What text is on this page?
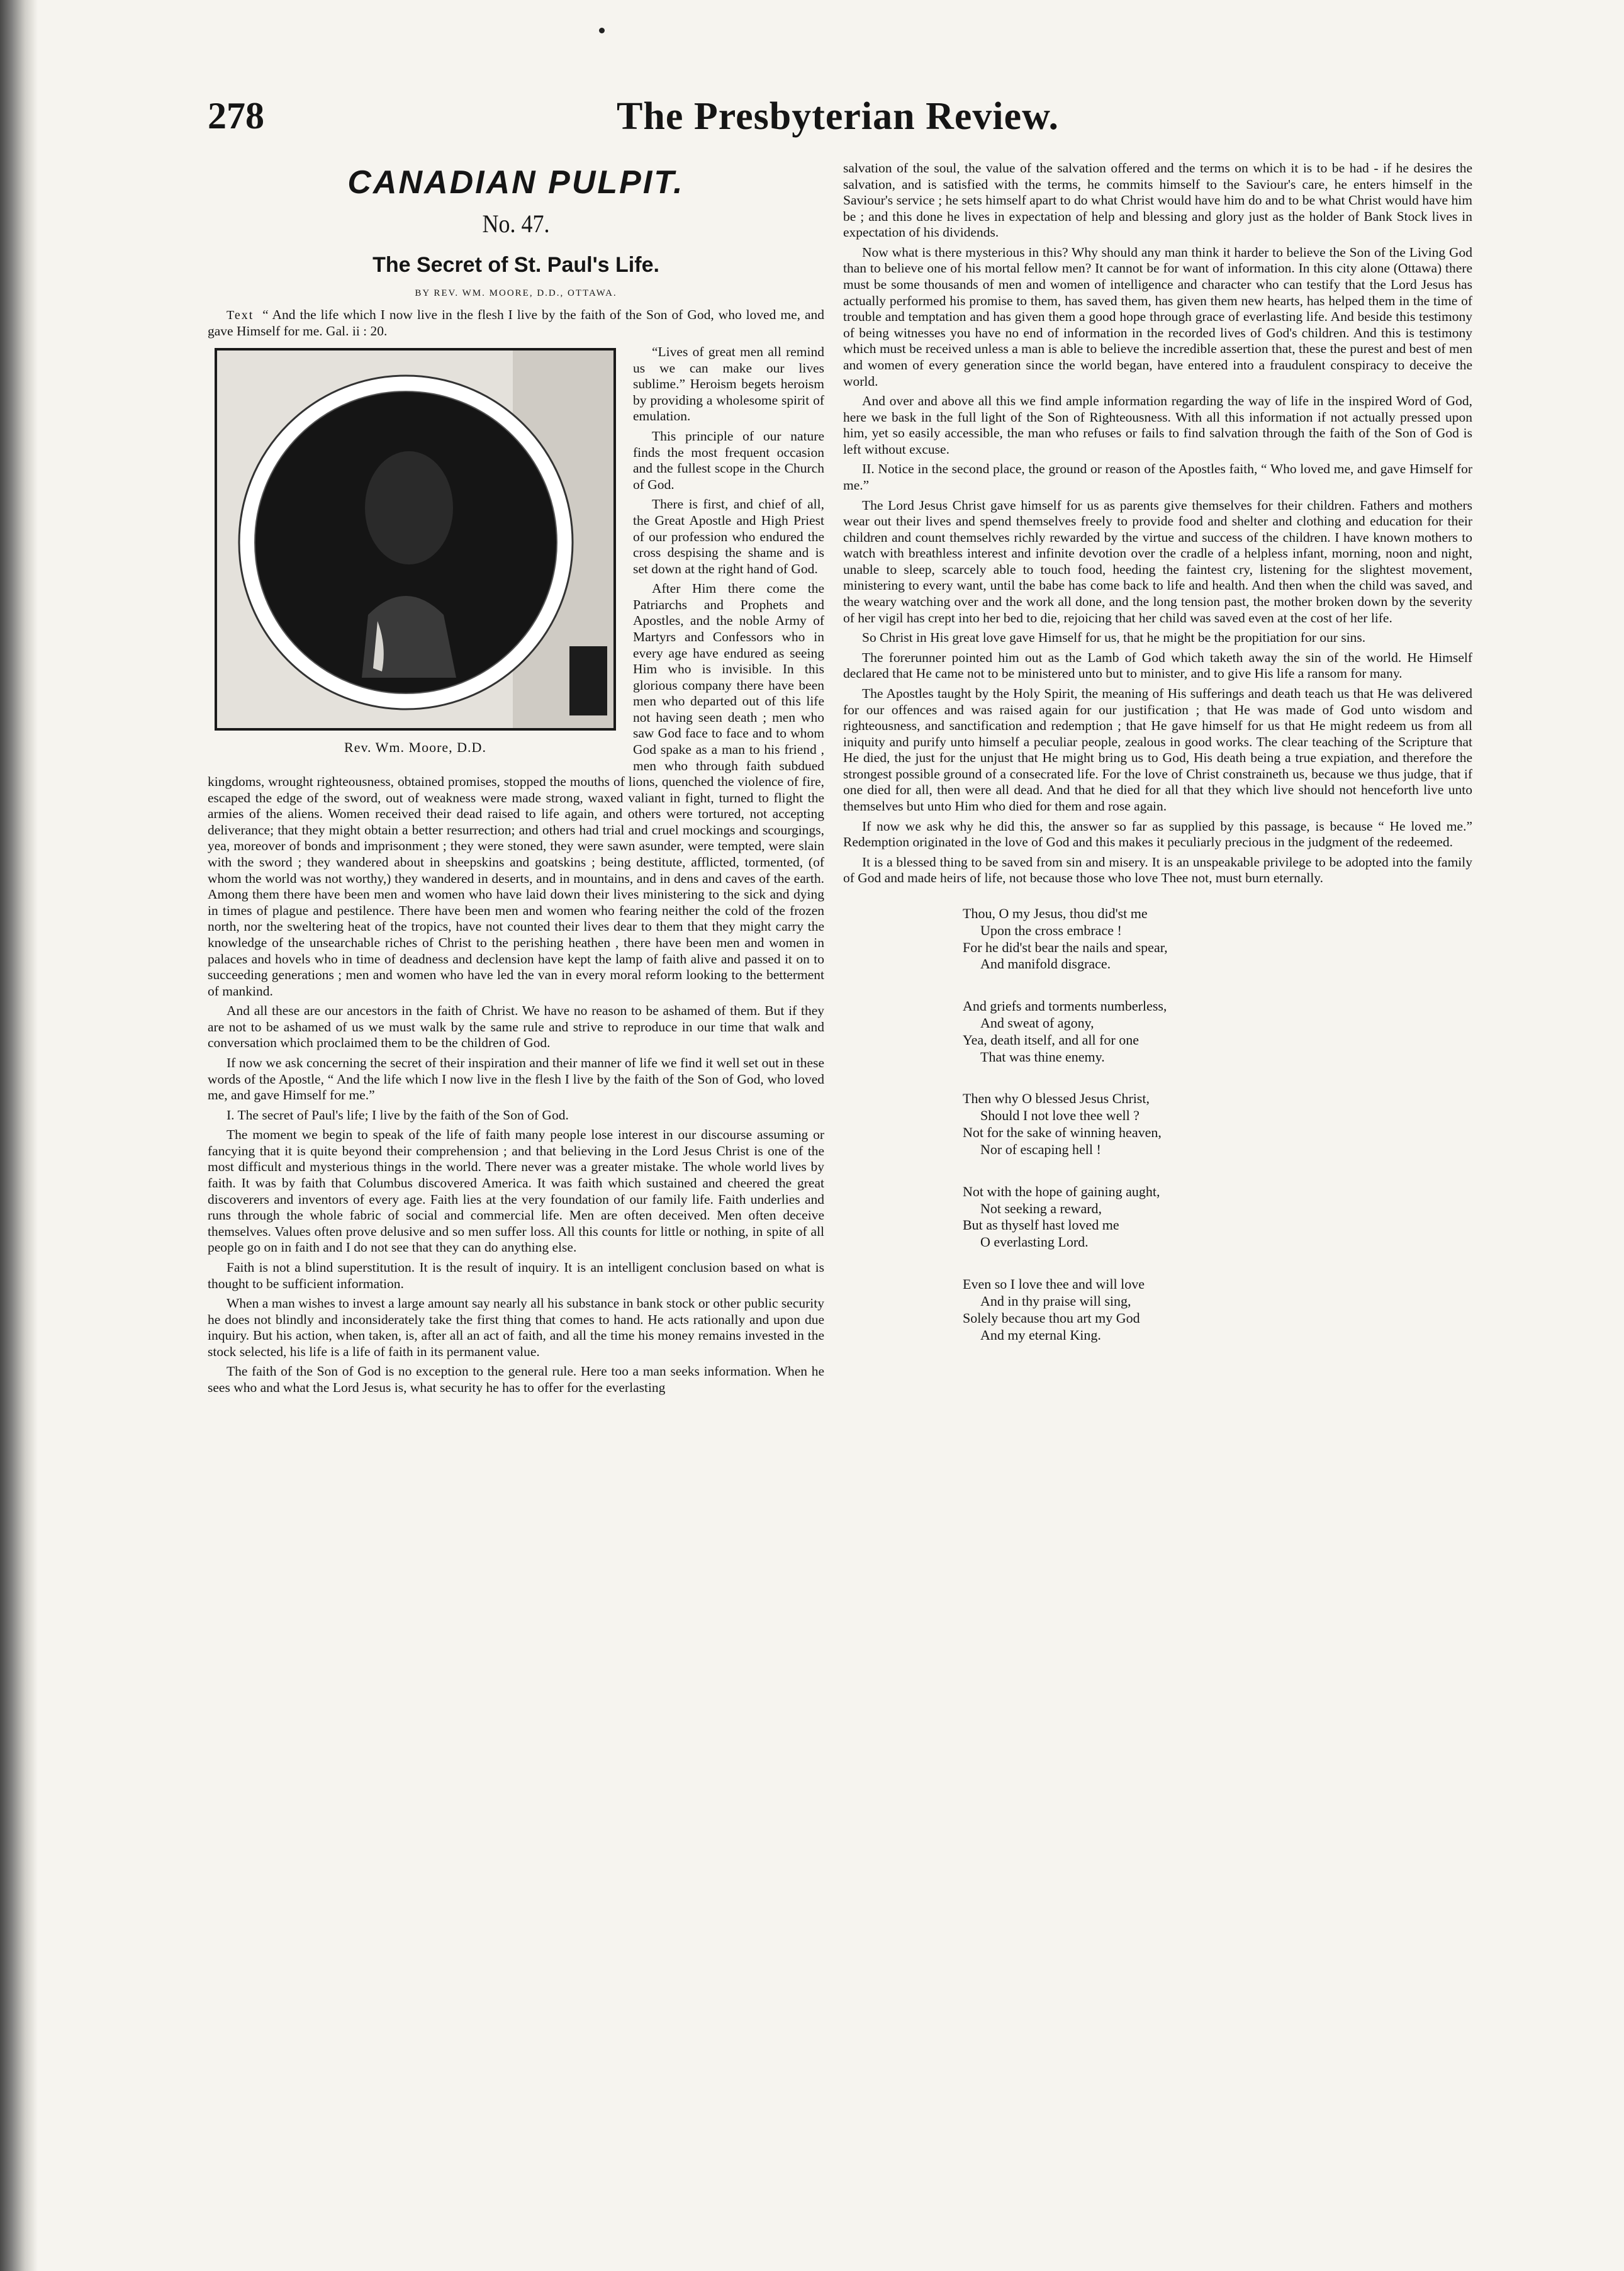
278	The Presbyterian Review.
CANADIAN PULPIT.
No. 47.
The Secret of St. Paul's Life.
BY REV. WM. MOORE, D.D., OTTAWA.
Text “ And the life which I now live in the flesh I live by the faith of the Son of God, who loved me, and gave Himself for me. Gal. ii : 20.
Rev. Wm. Moore, D.D.

“Lives of great men all remind us we can make our lives sublime.” Heroism begets heroism by providing a wholesome spirit of emulation.

This principle of our nature finds the most frequent occasion and the fullest scope in the Church of God.

There is first, and chief of all, the Great Apostle and High Priest of our profession who endured the cross despising the shame and is set down at the right hand of God.

After Him there come the Patriarchs and Prophets and Apostles, and the noble Army of Martyrs and Confessors who in every age have endured as seeing Him who is invisible. In this glorious company there have been men who departed out of this life not having seen death ; men who saw God face to face and to whom God spake as a man to his friend , men who through faith subdued kingdoms, wrought righteousness, obtained promises, stopped the mouths of lions, quenched the violence of fire, escaped the edge of the sword, out of weakness were made strong, waxed valiant in fight, turned to flight the armies of the aliens. Women received their dead raised to life again, and others were tortured, not accepting deliverance; that they might obtain a better resurrection; and others had trial and cruel mockings and scourgings, yea, moreover of bonds and imprisonment ; they were stoned, they were sawn asunder, were tempted, were slain with the sword ; they wandered about in sheepskins and goatskins ; being destitute, afflicted, tormented, (of whom the world was not worthy,) they wandered in deserts, and in mountains, and in dens and caves of the earth. Among them there have been men and women who have laid down their lives ministering to the sick and dying in times of plague and pestilence. There have been men and women who fearing neither the cold of the frozen north, nor the sweltering heat of the tropics, have not counted their lives dear to them that they might carry the knowledge of the unsearchable riches of Christ to the perishing heathen , there have been men and women in palaces and hovels who in time of deadness and declension have kept the lamp of faith alive and passed it on to succeeding generations ; men and women who have led the van in every moral reform looking to the betterment of mankind.

And all these are our ancestors in the faith of Christ. We have no reason to be ashamed of them. But if they are not to be ashamed of us we must walk by the same rule and strive to reproduce in our time that walk and conversation which proclaimed them to be the children of God.

If now we ask concerning the secret of their inspiration and their manner of life we find it well set out in these words of the Apostle, “ And the life which I now live in the flesh I live by the faith of the Son of God, who loved me, and gave Himself for me.”

I. The secret of Paul's life; I live by the faith of the Son of God.

The moment we begin to speak of the life of faith many people lose interest in our discourse assuming or fancying that it is quite beyond their comprehension ; and that believing in the Lord Jesus Christ is one of the most difficult and mysterious things in the world. There never was a greater mistake. The whole world lives by faith. It was by faith that Columbus discovered America. It was faith which sustained and cheered the great discoverers and inventors of every age. Faith lies at the very foundation of our family life. Faith underlies and runs through the whole fabric of social and commercial life. Men are often deceived. Men often deceive themselves. Values often prove delusive and so men suffer loss. All this counts for little or nothing, in spite of all people go on in faith and I do not see that they can do anything else.

Faith is not a blind superstitution. It is the result of inquiry. It is an intelligent conclusion based on what is thought to be sufficient information.

When a man wishes to invest a large amount say nearly all his substance in bank stock or other public security he does not blindly and inconsiderately take the first thing that comes to hand. He acts rationally and upon due inquiry. But his action, when taken, is, after all an act of faith, and all the time his money remains invested in the stock selected, his life is a life of faith in its permanent value.

The faith of the Son of God is no exception to the general rule. Here too a man seeks information. When he sees who and what the Lord Jesus is, what security he has to offer for the everlasting

salvation of the soul, the value of the salvation offered and the terms on which it is to be had - if he desires the salvation, and is satisfied with the terms, he commits himself to the Saviour's care, he enters himself in the Saviour's service ; he sets himself apart to do what Christ would have him do and to be what Christ would have him be ; and this done he lives in expectation of help and blessing and glory just as the holder of Bank Stock lives in expectation of his dividends.

Now what is there mysterious in this? Why should any man think it harder to believe the Son of the Living God than to believe one of his mortal fellow men? It cannot be for want of information. In this city alone (Ottawa) there must be some thousands of men and women of intelligence and character who can testify that the Lord Jesus has actually performed his promise to them, has saved them, has given them new hearts, has helped them in the time of trouble and temptation and has given them a good hope through grace of everlasting life. And beside this testimony of being witnesses you have no end of information in the recorded lives of God's children. And this is testimony which must be received unless a man is able to believe the incredible assertion that, these the purest and best of men and women of every generation since the world began, have entered into a fraudulent conspiracy to deceive the world.

And over and above all this we find ample information regarding the way of life in the inspired Word of God, here we bask in the full light of the Son of Righteousness. With all this information if not actually pressed upon him, yet so easily accessible, the man who refuses or fails to find salvation through the faith of the Son of God is left without excuse.

II. Notice in the second place, the ground or reason of the Apostles faith, “ Who loved me, and gave Himself for me.”

The Lord Jesus Christ gave himself for us as parents give themselves for their children. Fathers and mothers wear out their lives and spend themselves freely to provide food and shelter and clothing and education for their children and count themselves richly rewarded by the virtue and success of the children. I have known mothers to watch with breathless interest and infinite devotion over the cradle of a helpless infant, morning, noon and night, unable to sleep, scarcely able to touch food, heeding the faintest cry, listening for the slightest movement, ministering to every want, until the babe has come back to life and health. And then when the child was saved, and the weary watching over and the work all done, and the long tension past, the mother broken down by the severity of her vigil has crept into her bed to die, rejoicing that her child was saved even at the cost of her life.

So Christ in His great love gave Himself for us, that he might be the propitiation for our sins.

The forerunner pointed him out as the Lamb of God which taketh away the sin of the world. He Himself declared that He came not to be ministered unto but to minister, and to give His life a ransom for many.

The Apostles taught by the Holy Spirit, the meaning of His sufferings and death teach us that He was delivered for our offences and was raised again for our justification ; that He was made of God unto wisdom and righteousness, and sanctification and redemption ; that He gave himself for us that He might redeem us from all iniquity and purify unto himself a peculiar people, zealous in good works. The clear teaching of the Scripture that He died, the just for the unjust that He might bring us to God, His death being a true expiation, and therefore the strongest possible ground of a consecrated life. For the love of Christ constraineth us, because we thus judge, that if one died for all, then were all dead. And that he died for all that they which live should not henceforth live unto themselves but unto Him who died for them and rose again.

If now we ask why he did this, the answer so far as supplied by this passage, is because “ He loved me.” Redemption originated in the love of God and this makes it peculiarly precious in the judgment of the redeemed.

It is a blessed thing to be saved from sin and misery. It is an unspeakable privilege to be adopted into the family of God and made heirs of life, not because those who love Thee not, must burn eternally.

Thou, O my Jesus, thou did'st me
Upon the cross embrace !
For he did'st bear the nails and spear,
And manifold disgrace.
And griefs and torments numberless,
And sweat of agony,
Yea, death itself, and all for one
That was thine enemy.
Then why O blessed Jesus Christ,
Should I not love thee well ?
Not for the sake of winning heaven,
Nor of escaping hell !
Not with the hope of gaining aught,
Not seeking a reward,
But as thyself hast loved me
O everlasting Lord.
Even so I love thee and will love
And in thy praise will sing,
Solely because thou art my God
And my eternal King.
